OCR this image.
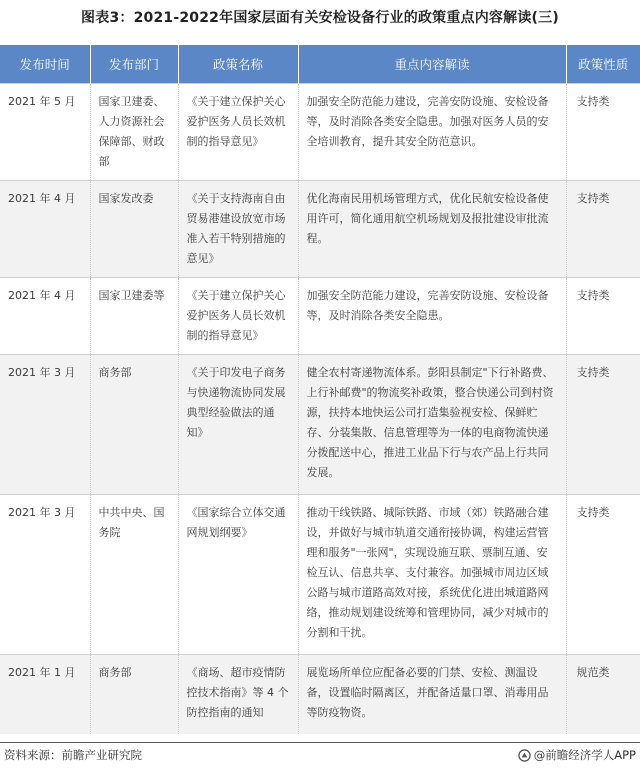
图表3：2021-2022年国家层面有关安检设备行业的政策重点内容解读(三)
发布时间	发布部门	政策名称	重点内容解读	政策性质
2021 年 5 月	国家卫建委、人力资源社会保障部、财政部	《关于建立保护关心爱护医务人员长效机制的指导意见》	加强安全防范能力建设，完善安防设施、安检设备等，及时消除各类安全隐患。加强对医务人员的安全培训教育，提升其安全防范意识。	支持类
2021 年 4 月	国家发改委	《关于支持海南自由贸易港建设放宽市场准入若干特别措施的意见》	优化海南民用机场管理方式，优化民航安检设备使用许可，简化通用航空机场规划及报批建设审批流程。	支持类
2021 年 4 月	国家卫建委等	《关于建立保护关心爱护医务人员长效机制的指导意见》	加强安全防范能力建设，完善安防设施、安检设备等，及时消除各类安全隐患。	支持类
2021 年 3 月	商务部	《关于印发电子商务与快递物流协同发展典型经验做法的通知》	健全农村寄递物流体系。彭阳县制定"下行补路费、上行补邮费"的物流奖补政策，整合快递公司到村资源，扶持本地快运公司打造集验视安检、保鲜贮存、分装集散、信息管理等为一体的电商物流快递分拨配送中心，推进工业品下行与农产品上行共同发展。	支持类
2021 年 3 月	中共中央、国务院	《国家综合立体交通网规划纲要》	推动干线铁路、城际铁路、市域（郊）铁路融合建设，并做好与城市轨道交通衔接协调，构建运营管理和服务"一张网"，实现设施互联、票制互通、安检互认、信息共享、支付兼容。加强城市周边区域公路与城市道路高效对接，系统优化进出城道路网络，推动规划建设统筹和管理协同，减少对城市的分割和干扰。	支持类
2021 年 1 月	商务部	《商场、超市疫情防控技术指南》等 4 个防控指南的通知	展览场所单位应配备必要的门禁、安检、测温设备，设置临时隔离区，并配备适量口罩、消毒用品等防疫物资。	规范类
资料来源：前瞻产业研究院	@前瞻经济学人APP
